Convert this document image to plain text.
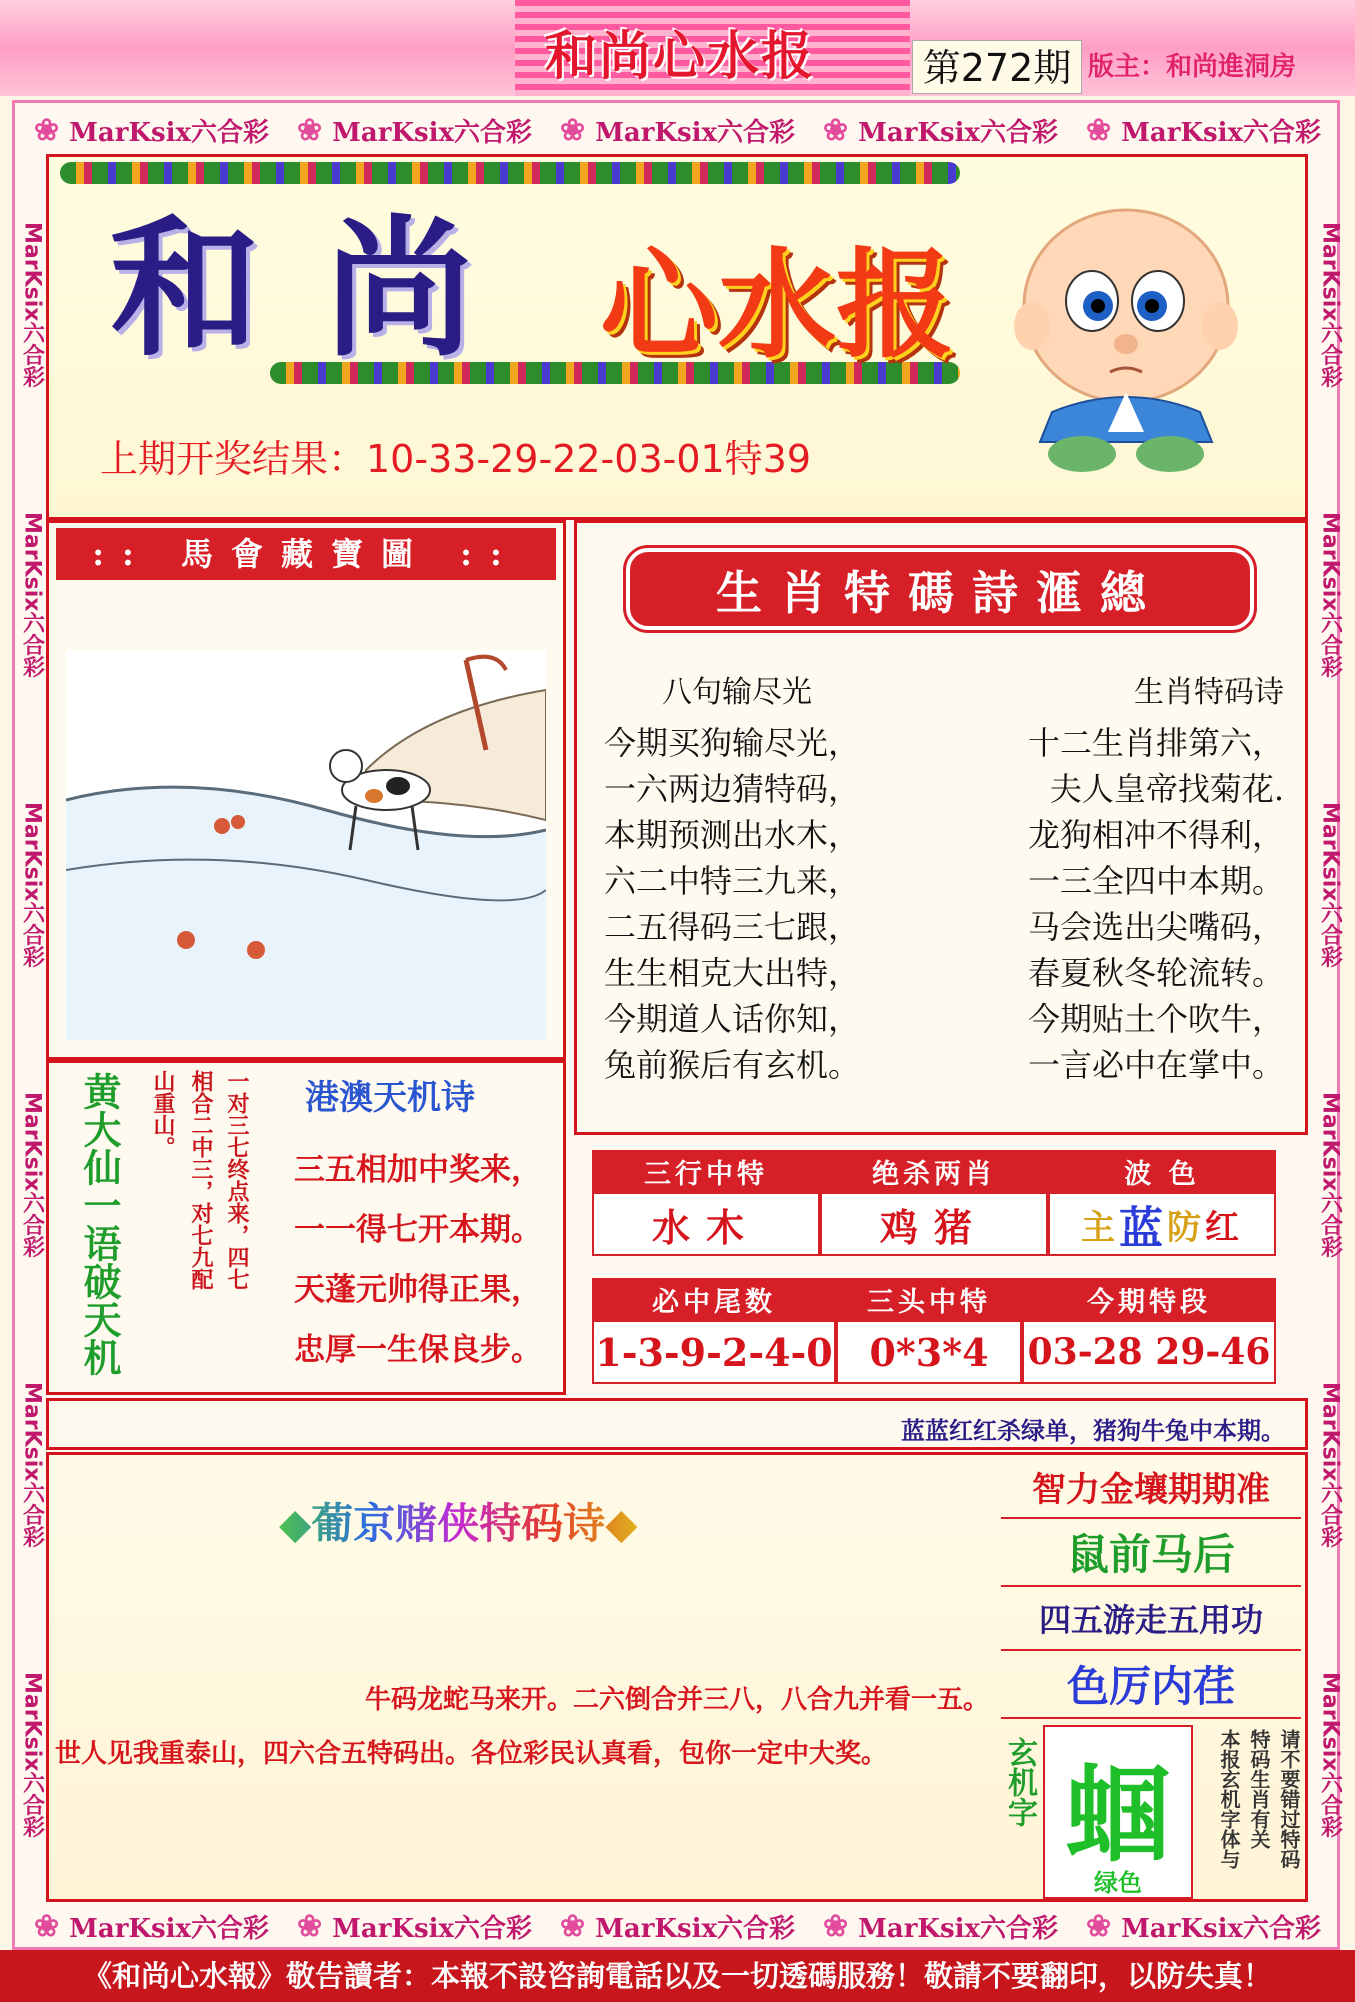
和尚心水报	第272期 版主：和尚進洞房
❀ MarKsix六合彩 ❀ MarKsix六合彩 ❀ MarKsix六合彩 ❀ MarKsix六合彩 ❀ MarKsix六合彩
❀ MarKsix六合彩 ❀ MarKsix六合彩 ❀ MarKsix六合彩 ❀ MarKsix六合彩 ❀ MarKsix六合彩
MarKsix六合彩
MarKsix六合彩
MarKsix六合彩
MarKsix六合彩
MarKsix六合彩
MarKsix六合彩
MarKsix六合彩
MarKsix六合彩
MarKsix六合彩
MarKsix六合彩
MarKsix六合彩
MarKsix六合彩
和尚 心水报
上期开奖结果：10-33-29-22-03-01特39
:: 馬會藏寶圖 ::
黄大仙一语破天机	一对三七终点来，四七
相合二中三，对七九配
山重山。	港澳天机诗
三五相加中奖来，
一一得七开本期。
天蓬元帅得正果，
忠厚一生保良步。
生肖特碼詩滙總
八句输尽光
今期买狗输尽光，
一六两边猜特码，
本期预测出水木，
六二中特三九来，
二五得码三七跟，
生生相克大出特，
今期道人话你知，
兔前猴后有玄机。
生肖特码诗
十二生肖排第六，
夫人皇帝找菊花.
龙狗相冲不得利，
一三全四中本期。
马会选出尖嘴码，
春夏秋冬轮流转。
今期贴土个吹牛，
一言必中在掌中。
三行中特	绝杀两肖	波 色
水木	鸡猪	主 蓝 防 红
必中尾数	三头中特	今期特段
1-3-9-2-4-0 0*3*4	03-28 29-46
蓝蓝红红杀绿单，猪狗牛兔中本期。
◆葡京赌侠特码诗◆
牛码龙蛇马来开。二六倒合并三八，八合九并看一五。世人见我重泰山，四六合五特码出。各位彩民认真看，包你一定中大奖。
智力金壤期期准
鼠前马后
四五游走五用功
色厉内荏
玄机字 蝈
绿色
本报玄机字体与 特码生肖有关 请不要错过特码
《和尚心水報》敬告讀者：本報不設咨詢電話以及一切透碼服務！敬請不要翻印，以防失真！
